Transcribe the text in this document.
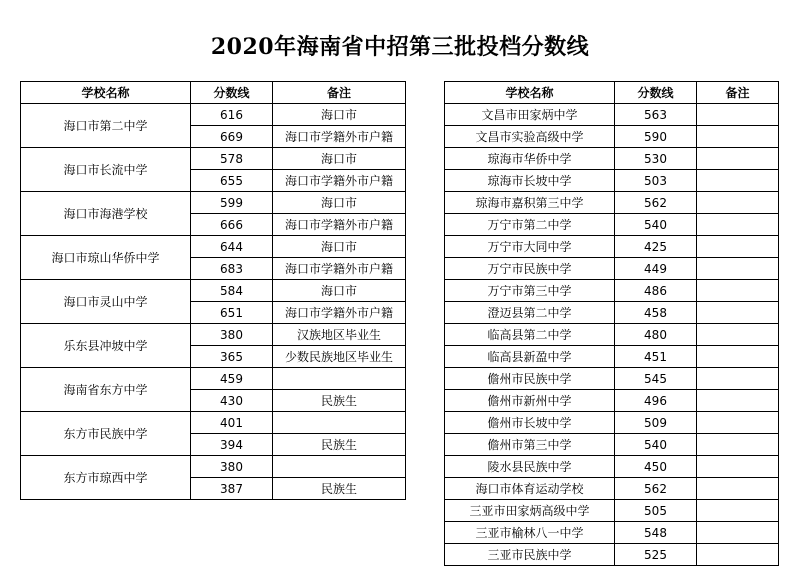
2020年海南省中招第三批投档分数线
学校名称	分数线	备注
海口市第二中学	616	海口市
	669	海口市学籍外市户籍
海口市长流中学	578	海口市
	655	海口市学籍外市户籍
海口市海港学校	599	海口市
	666	海口市学籍外市户籍
海口市琼山华侨中学	644	海口市
	683	海口市学籍外市户籍
海口市灵山中学	584	海口市
	651	海口市学籍外市户籍
乐东县冲坡中学	380	汉族地区毕业生
	365	少数民族地区毕业生
海南省东方中学	459	
	430	民族生
东方市民族中学	401	
	394	民族生
东方市琼西中学	380	
	387	民族生
学校名称	分数线	备注
文昌市田家炳中学	563	
文昌市实验高级中学	590	
琼海市华侨中学	530	
琼海市长坡中学	503	
琼海市嘉积第三中学	562	
万宁市第二中学	540	
万宁市大同中学	425	
万宁市民族中学	449	
万宁市第三中学	486	
澄迈县第二中学	458	
临高县第二中学	480	
临高县新盈中学	451	
儋州市民族中学	545	
儋州市新州中学	496	
儋州市长坡中学	509	
儋州市第三中学	540	
陵水县民族中学	450	
海口市体育运动学校	562	
三亚市田家炳高级中学	505	
三亚市榆林八一中学	548	
三亚市民族中学	525	
